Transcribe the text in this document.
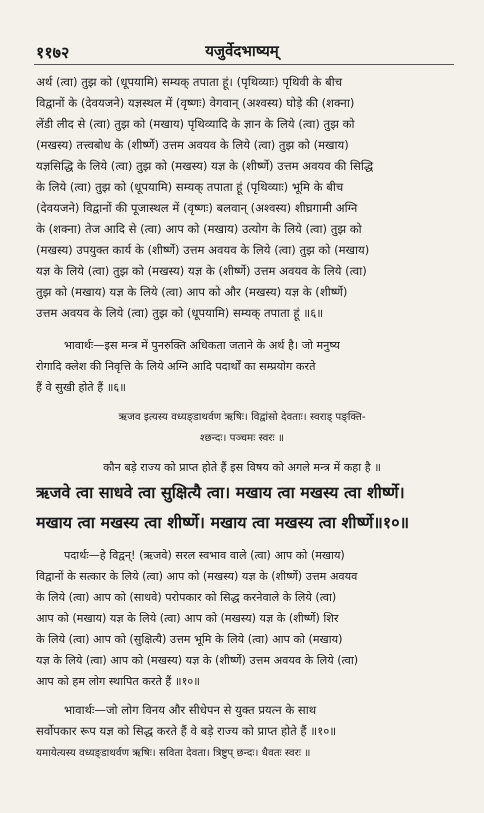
११७२	यजुर्वेदभाष्यम्
अर्थ (त्वा) तुझ को (धूपयामि) सम्यक् तपाता हूं। (पृथिव्याः) पृथिवी के बीच
विद्वानों के (देवयजने) यज्ञस्थल में (वृष्णः) वेगवान् (अश्वस्य) घोड़े की (शक्ना)
लेंडी लीद से (त्वा) तुझ को (मखाय) पृथिव्यादि के ज्ञान के लिये (त्वा) तुझ को
(मखस्य) तत्त्वबोध के (शीर्ष्णे) उत्तम अवयव के लिये (त्वा) तुझ को (मखाय)
यज्ञसिद्धि के लिये (त्वा) तुझ को (मखस्य) यज्ञ के (शीर्ष्णे) उत्तम अवयव की सिद्धि
के लिये (त्वा) तुझ को (धूपयामि) सम्यक् तपाता हूं (पृथिव्याः) भूमि के बीच
(देवयजने) विद्वानों की पूजास्थल में (वृष्णः) बलवान् (अश्वस्य) शीघ्रगामी अग्नि
के (शक्ना) तेज आदि से (त्वा) आप को (मखाय) उत्योग के लिये (त्वा) तुझ को
(मखस्य) उपयुक्त कार्य के (शीर्ष्णे) उत्तम अवयव के लिये (त्वा) तुझ को (मखाय)
यज्ञ के लिये (त्वा) तुझ को (मखस्य) यज्ञ के (शीर्ष्णे) उत्तम अवयव के लिये (त्वा)
तुझ को (मखाय) यज्ञ के लिये (त्वा) आप को और (मखस्य) यज्ञ के (शीर्ष्णे)
उत्तम अवयव के लिये (त्वा) तुझ को (धूपयामि) सम्यक् तपाता हूं ॥६॥
भावार्थः—इस मन्त्र में पुनरुक्ति अधिकता जताने के अर्थ है। जो मनुष्य
रोगादि क्लेश की निवृत्ति के लिये अग्नि आदि पदार्थों का सम्प्रयोग करते
हैं वे सुखी होते हैं ॥६॥
ऋजव इत्यस्य वध्यङ्डाथर्वण ऋषिः। विद्वांसो देवताः। स्वराड् पङ्क्ति-
श्छन्दः। पञ्चमः स्वरः ॥
कौन बड़े राज्य को प्राप्त होते हैं इस विषय को अगले मन्त्र में कहा है ॥
ऋजवे त्वा साधवे त्वा सुक्षित्यै त्वा। मखाय त्वा मखस्य त्वा शीर्ष्णे।
मखाय त्वा मखस्य त्वा शीर्ष्णे। मखाय त्वा मखस्य त्वा शीर्ष्णे॥१०॥
पदार्थः—हे विद्वन्! (ऋजवे) सरल स्वभाव वाले (त्वा) आप को (मखाय)
विद्वानों के सत्कार के लिये (त्वा) आप को (मखस्य) यज्ञ के (शीर्ष्णे) उत्तम अवयव
के लिये (त्वा) आप को (साधवे) परोपकार को सिद्ध करनेवाले के लिये (त्वा)
आप को (मखाय) यज्ञ के लिये (त्वा) आप को (मखस्य) यज्ञ के (शीर्ष्णे) शिर
के लिये (त्वा) आप को (सुक्षित्यै) उत्तम भूमि के लिये (त्वा) आप को (मखाय)
यज्ञ के लिये (त्वा) आप को (मखस्य) यज्ञ के (शीर्ष्णे) उत्तम अवयव के लिये (त्वा)
आप को हम लोग स्थापित करते हैं ॥१०॥
भावार्थः—जो लोग विनय और सीधेपन से युक्त प्रयत्न के साथ
सर्वोपकार रूप यज्ञ को सिद्ध करते हैं वे बड़े राज्य को प्राप्त होते हैं ॥१०॥
यमायेत्यस्य वध्यङ्डाथर्वण ऋषिः। सविता देवता। त्रिष्टुप् छन्दः। धैवतः स्वरः ॥
